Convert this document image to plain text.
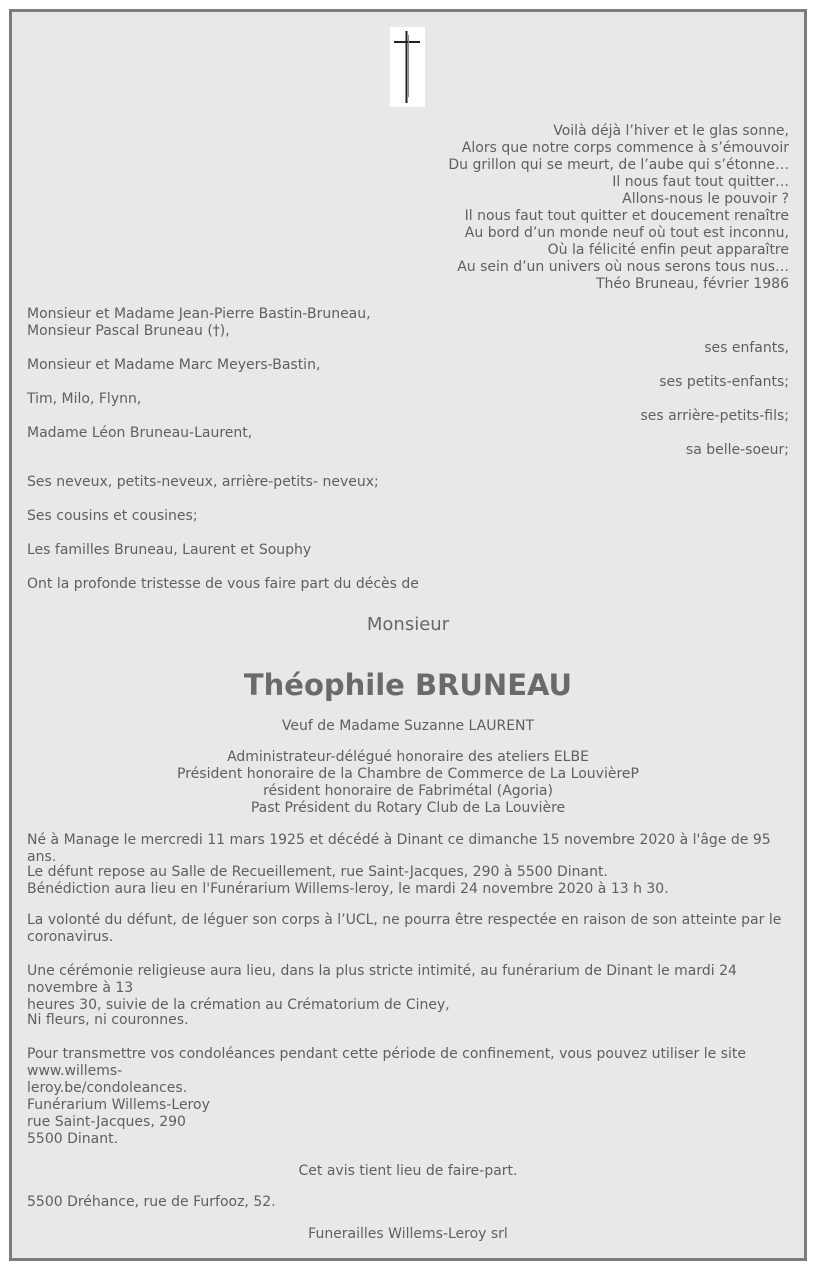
Voilà déjà l’hiver et le glas sonne,
Alors que notre corps commence à s’émouvoir
Du grillon qui se meurt, de l’aube qui s’étonne…
Il nous faut tout quitter…
Allons-nous le pouvoir ?
Il nous faut tout quitter et doucement renaître
Au bord d’un monde neuf où tout est inconnu,
Où la félicité enfin peut apparaître
Au sein d’un univers où nous serons tous nus…
Théo Bruneau, février 1986
Monsieur et Madame Jean-Pierre Bastin-Bruneau,
Monsieur Pascal Bruneau (†),
ses enfants,
Monsieur et Madame Marc Meyers-Bastin,
ses petits-enfants;
Tim, Milo, Flynn,
ses arrière-petits-fils;
Madame Léon Bruneau-Laurent,
sa belle-soeur;
Ses neveux, petits-neveux, arrière-petits- neveux;
Ses cousins et cousines;
Les familles Bruneau, Laurent et Souphy
Ont la profonde tristesse de vous faire part du décès de
Monsieur
Théophile BRUNEAU
Veuf de Madame Suzanne LAURENT
Administrateur-délégué honoraire des ateliers ELBE
Président honoraire de la Chambre de Commerce de La LouvièreP
résident honoraire de Fabrimétal (Agoria)
Past Président du Rotary Club de La Louvière
Né à Manage le mercredi 11 mars 1925 et décédé à Dinant ce dimanche 15 novembre 2020 à l'âge de 95 ans.
Le défunt repose au Salle de Recueillement, rue Saint-Jacques, 290 à 5500 Dinant.
Bénédiction aura lieu en l'Funérarium Willems-leroy, le mardi 24 novembre 2020 à 13 h 30.
La volonté du défunt, de léguer son corps à l’UCL, ne pourra être respectée en raison de son atteinte par le
coronavirus.
Une cérémonie religieuse aura lieu, dans la plus stricte intimité, au funérarium de Dinant le mardi 24 novembre à 13
heures 30, suivie de la crémation au Crématorium de Ciney,
Ni fleurs, ni couronnes.
Pour transmettre vos condoléances pendant cette période de confinement, vous pouvez utiliser le site www.willems-
leroy.be/condoleances.
Funérarium Willems-Leroy
rue Saint-Jacques, 290
5500 Dinant.
Cet avis tient lieu de faire-part.
5500 Dréhance, rue de Furfooz, 52.
Funerailles Willems-Leroy srl
